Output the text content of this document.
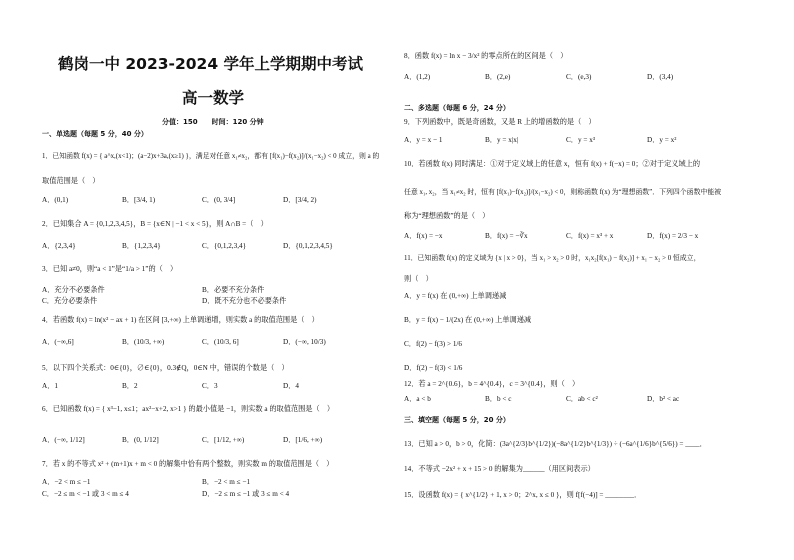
鹤岗一中 2023-2024 学年上学期期中考试
高一数学
分值：150　　时间：120 分钟
一、单选题（每题 5 分，40 分）
1．已知函数 f(x) = { a^x,(x<1)；(a−2)x+3a,(x≥1) }，满足对任意 x₁≠x₂，都有 [f(x₁)−f(x₂)]/(x₁−x₂) < 0 成立，则 a 的
取值范围是（　）
A．(0,1)	B．[3/4, 1)	C．(0, 3/4]	D．[3/4, 2)
2．已知集合 A = {0,1,2,3,4,5}，B = {x∈N | −1 < x < 5}，则 A∩B =（　）
A．{2,3,4}	B．{1,2,3,4}	C．{0,1,2,3,4}	D．{0,1,2,3,4,5}
3．已知 a≠0，则“a < 1”是“1/a > 1”的（　）
A．充分不必要条件	B．必要不充分条件
C．充分必要条件	D．既不充分也不必要条件
4．若函数 f(x) = ln(x² − ax + 1) 在区间 [3,+∞) 上单调递增，则实数 a 的取值范围是（　）
A．(−∞,6]	B．(10/3, +∞)	C．(10/3, 6]	D．(−∞, 10/3)
5．以下四个关系式：0∈{0}，∅∈{0}，0.3∉Q，0∈N 中，错误的个数是（　）
A．1	B．2	C．3	D．4
6．已知函数 f(x) = { x³−1, x≤1；ax²−x+2, x>1 } 的最小值是 −1，则实数 a 的取值范围是（　）
A．(−∞, 1/12]	B．(0, 1/12]	C．[1/12, +∞)	D．[1/6, +∞)
7．若 x 的不等式 x² + (m+1)x + m < 0 的解集中恰有两个整数，则实数 m 的取值范围是（　）
A．−2 < m ≤ −1	B．−2 < m ≤ −1
C．−2 ≤ m < −1 或 3 < m ≤ 4	D．−2 ≤ m ≤ −1 或 3 ≤ m < 4
8．函数 f(x) = ln x − 3/x² 的零点所在的区间是（　）
A．(1,2)	B．(2,e)	C．(e,3)	D．(3,4)
二、多选题（每题 6 分，24 分）
9．下列函数中，既是奇函数，又是 R 上的增函数的是（　）
A．y = x − 1	B．y = x|x|	C．y = x³	D．y = x²
10．若函数 f(x) 同时满足：①对于定义域上的任意 x，恒有 f(x) + f(−x) = 0；②对于定义域上的
任意 x₁, x₂，当 x₁≠x₂ 时，恒有 [f(x₁)−f(x₂)]/(x₁−x₂) < 0，则称函数 f(x) 为“理想函数”．下列四个函数中能被
称为“理想函数”的是（　）
A．f(x) = −x	B．f(x) = −∛x	C．f(x) = x³ + x	D．f(x) = 2/3 − x
11．已知函数 f(x) 的定义域为 {x | x > 0}，当 x₁ > x₂ > 0 时，x₁x₂[f(x₁) − f(x₂)] + x₁ − x₂ > 0 恒成立，
则（　）
A．y = f(x) 在 (0,+∞) 上单调递减
B．y = f(x) − 1/(2x) 在 (0,+∞) 上单调递减
C．f(2) − f(3) > 1/6
D．f(2) − f(3) < 1/6
12．若 a = 2^{0.6}，b = 4^{0.4}，c = 3^{0.4}，则（　）
A．a < b	B．b < c	C．ab < c²	D．b² < ac
三、填空题（每题 5 分，20 分）
13．已知 a > 0，b > 0，化简：(3a^{2/3}b^{1/2})(−8a^{1/2}b^{1/3}) ÷ (−6a^{1/6}b^{5/6}) = ____．
14．不等式 −2x² + x + 15 > 0 的解集为______（用区间表示）
15．设函数 f(x) = { x^{1/2} + 1, x > 0；2^x, x ≤ 0 }，则 f[f(−4)] = ________．
